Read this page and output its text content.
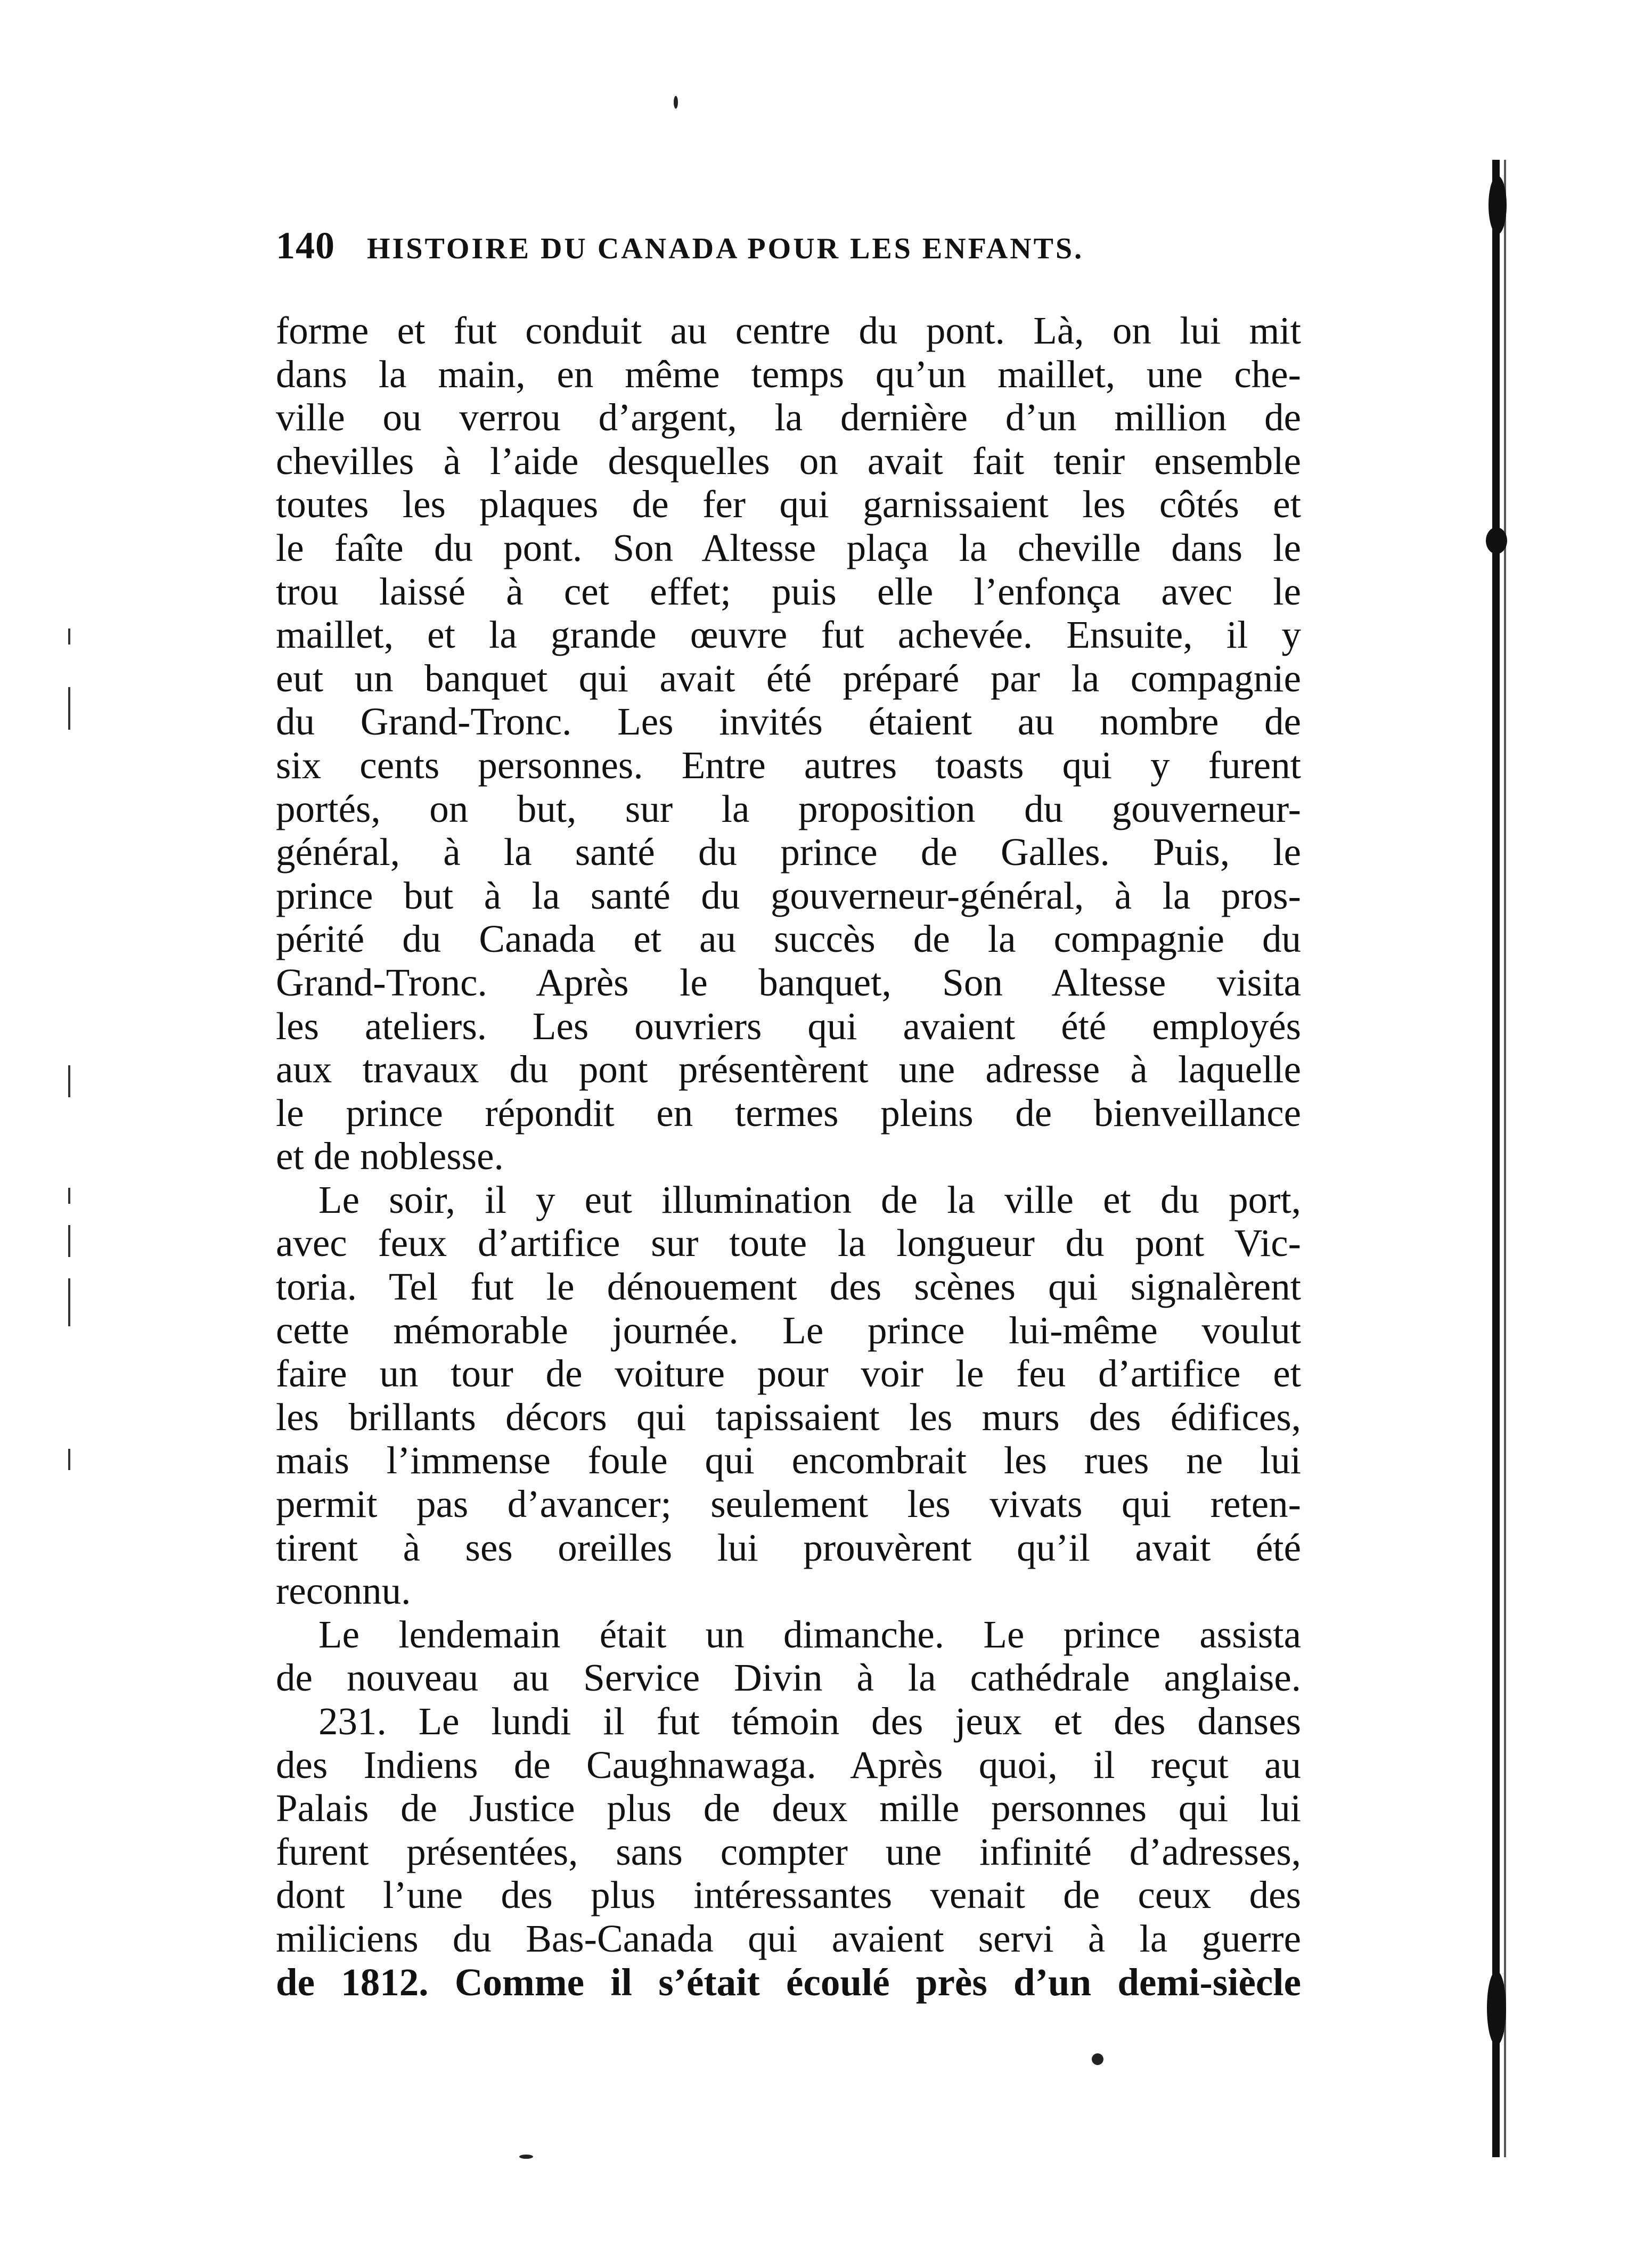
140 HISTOIRE DU CANADA POUR LES ENFANTS.
forme et fut conduit au centre du pont. Là, on lui mit
dans la main, en même temps qu’un maillet, une che-
ville ou verrou d’argent, la dernière d’un million de
chevilles à l’aide desquelles on avait fait tenir ensemble
toutes les plaques de fer qui garnissaient les côtés et
le faîte du pont. Son Altesse plaça la cheville dans le
trou laissé à cet effet; puis elle l’enfonça avec le
maillet, et la grande œuvre fut achevée. Ensuite, il y
eut un banquet qui avait été préparé par la compagnie
du Grand-Tronc. Les invités étaient au nombre de
six cents personnes. Entre autres toasts qui y furent
portés, on but, sur la proposition du gouverneur-
général, à la santé du prince de Galles. Puis, le
prince but à la santé du gouverneur-général, à la pros-
périté du Canada et au succès de la compagnie du
Grand-Tronc. Après le banquet, Son Altesse visita
les ateliers. Les ouvriers qui avaient été employés
aux travaux du pont présentèrent une adresse à laquelle
le prince répondit en termes pleins de bienveillance
et de noblesse.
Le soir, il y eut illumination de la ville et du port,
avec feux d’artifice sur toute la longueur du pont Vic-
toria. Tel fut le dénouement des scènes qui signalèrent
cette mémorable journée. Le prince lui-même voulut
faire un tour de voiture pour voir le feu d’artifice et
les brillants décors qui tapissaient les murs des édifices,
mais l’immense foule qui encombrait les rues ne lui
permit pas d’avancer; seulement les vivats qui reten-
tirent à ses oreilles lui prouvèrent qu’il avait été
reconnu.
Le lendemain était un dimanche. Le prince assista
de nouveau au Service Divin à la cathédrale anglaise.
231. Le lundi il fut témoin des jeux et des danses
des Indiens de Caughnawaga. Après quoi, il reçut au
Palais de Justice plus de deux mille personnes qui lui
furent présentées, sans compter une infinité d’adresses,
dont l’une des plus intéressantes venait de ceux des
miliciens du Bas-Canada qui avaient servi à la guerre
de 1812. Comme il s’était écoulé près d’un demi-siècle
